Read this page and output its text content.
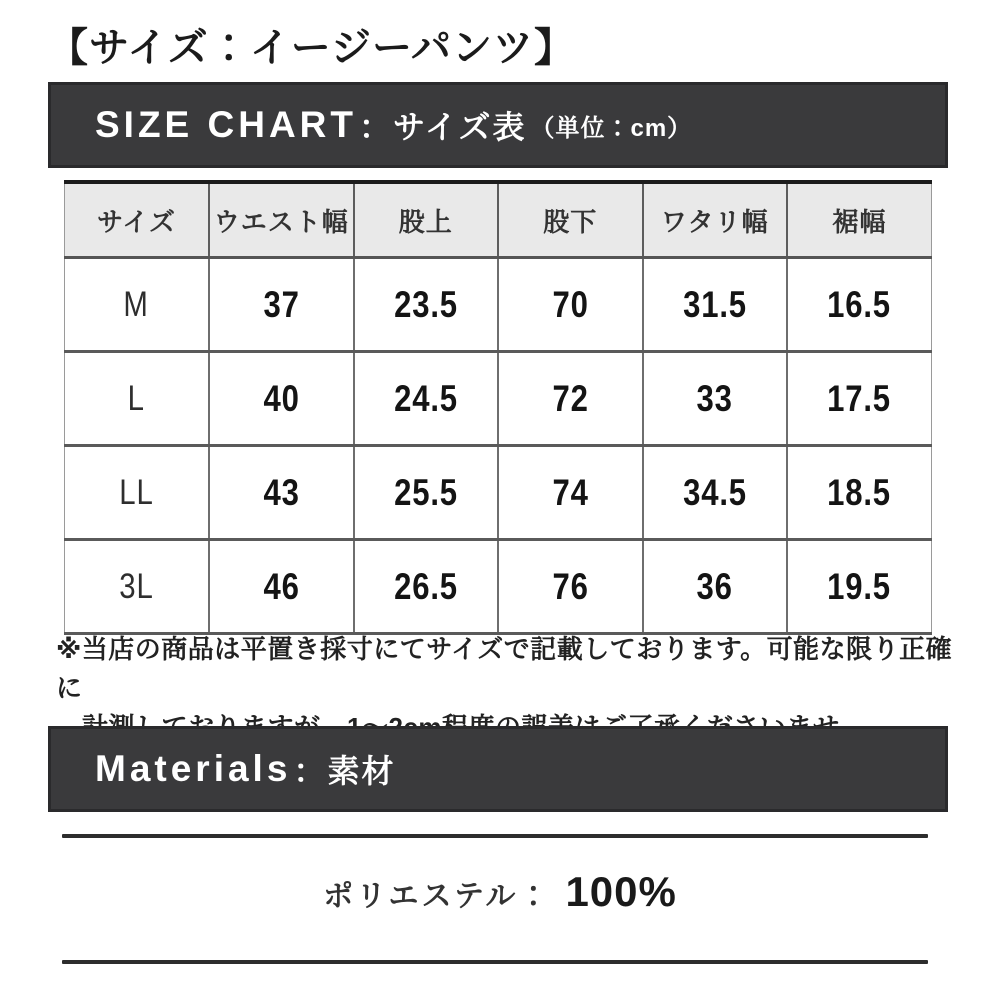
【サイズ：イージーパンツ】
SIZE CHART ： サイズ表 （単位：cm）
サイズ	ウエスト幅	股上	股下	ワタリ幅	裾幅
M	37	23.5	70	31.5	16.5
L	40	24.5	72	33	17.5
LL	43	25.5	74	34.5	18.5
3L	46	26.5	76	36	19.5
※当店の商品は平置き採寸にてサイズで記載しております。可能な限り正確に
Materials ： 素材
ポリエステル： 100%
